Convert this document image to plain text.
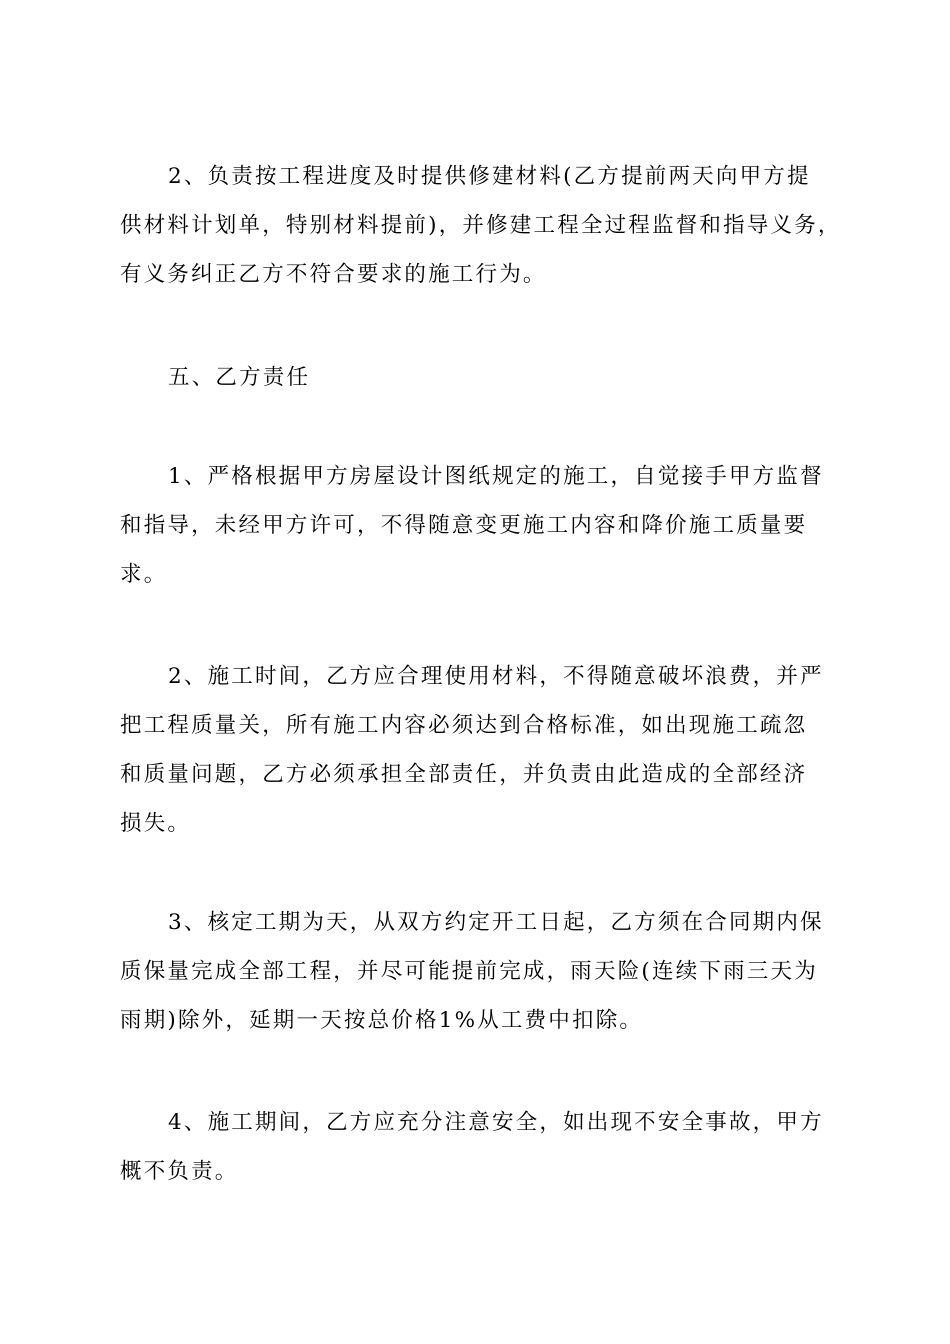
2、负责按工程进度及时提供修建材料(乙方提前两天向甲方提
供材料计划单，特别材料提前)，并修建工程全过程监督和指导义务，
有义务纠正乙方不符合要求的施工行为。

五、乙方责任

1、严格根据甲方房屋设计图纸规定的施工，自觉接手甲方监督
和指导，未经甲方许可，不得随意变更施工内容和降价施工质量要
求。

2、施工时间，乙方应合理使用材料，不得随意破坏浪费，并严
把工程质量关，所有施工内容必须达到合格标准，如出现施工疏忽
和质量问题，乙方必须承担全部责任，并负责由此造成的全部经济
损失。

3、核定工期为天，从双方约定开工日起，乙方须在合同期内保
质保量完成全部工程，并尽可能提前完成，雨天险(连续下雨三天为
雨期)除外，延期一天按总价格1%从工费中扣除。

4、施工期间，乙方应充分注意安全，如出现不安全事故，甲方
概不负责。
